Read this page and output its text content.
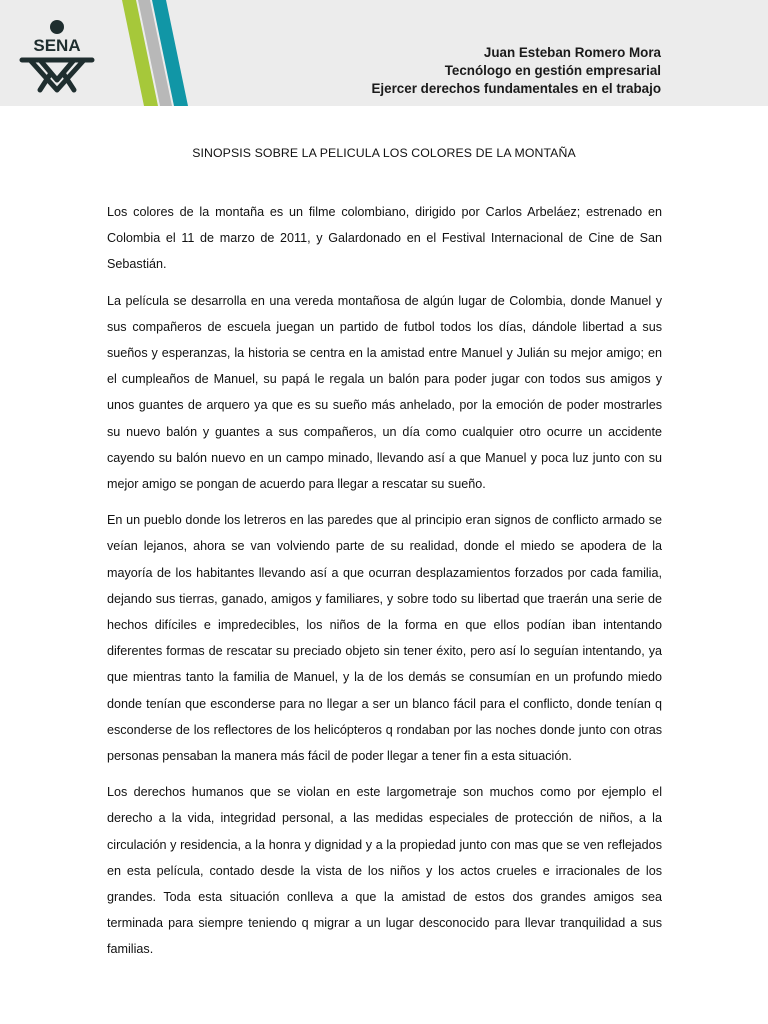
SENA	Juan Esteban Romero Mora
Tecnólogo en gestión empresarial
Ejercer derechos fundamentales en el trabajo
SINOPSIS SOBRE LA PELICULA LOS COLORES DE LA MONTAÑA

Los colores de la montaña es un filme colombiano, dirigido por Carlos Arbeláez; estrenado en Colombia el 11 de marzo de 2011, y Galardonado en el Festival Internacional de Cine de San Sebastián.

La película se desarrolla en una vereda montañosa de algún lugar de Colombia, donde Manuel y sus compañeros de escuela juegan un partido de futbol todos los días, dándole libertad a sus sueños y esperanzas, la historia se centra en la amistad entre Manuel y Julián su mejor amigo; en el cumpleaños de Manuel, su papá le regala un balón para poder jugar con todos sus amigos y unos guantes de arquero ya que es su sueño más anhelado, por la emoción de poder mostrarles su nuevo balón y guantes a sus compañeros, un día como cualquier otro ocurre un accidente cayendo su balón nuevo en un campo minado, llevando así a que Manuel y poca luz junto con su mejor amigo se pongan de acuerdo para llegar a rescatar su sueño.

En un pueblo donde los letreros en las paredes que al principio eran signos de conflicto armado se veían lejanos, ahora se van volviendo parte de su realidad, donde el miedo se apodera de la mayoría de los habitantes llevando así a que ocurran desplazamientos forzados por cada familia, dejando sus tierras, ganado, amigos y familiares, y sobre todo su libertad que traerán una serie de hechos difíciles e impredecibles, los niños de la forma en que ellos podían iban intentando diferentes formas de rescatar su preciado objeto sin tener éxito, pero así lo seguían intentando, ya que mientras tanto la familia de Manuel, y la de los demás se consumían en un profundo miedo donde tenían que esconderse para no llegar a ser un blanco fácil para el conflicto, donde tenían q esconderse de los reflectores de los helicópteros q rondaban por las noches donde junto con otras personas pensaban la manera más fácil de poder llegar a tener fin a esta situación.

Los derechos humanos que se violan en este largometraje son muchos como por ejemplo el derecho a la vida, integridad personal, a las medidas especiales de protección de niños, a la circulación y residencia, a la honra y dignidad y a la propiedad junto con mas que se ven reflejados en esta película, contado desde la vista de los niños y los actos crueles e irracionales de los grandes. Toda esta situación conlleva a que la amistad de estos dos grandes amigos sea terminada para siempre teniendo q migrar a un lugar desconocido para llevar tranquilidad a sus familias.
